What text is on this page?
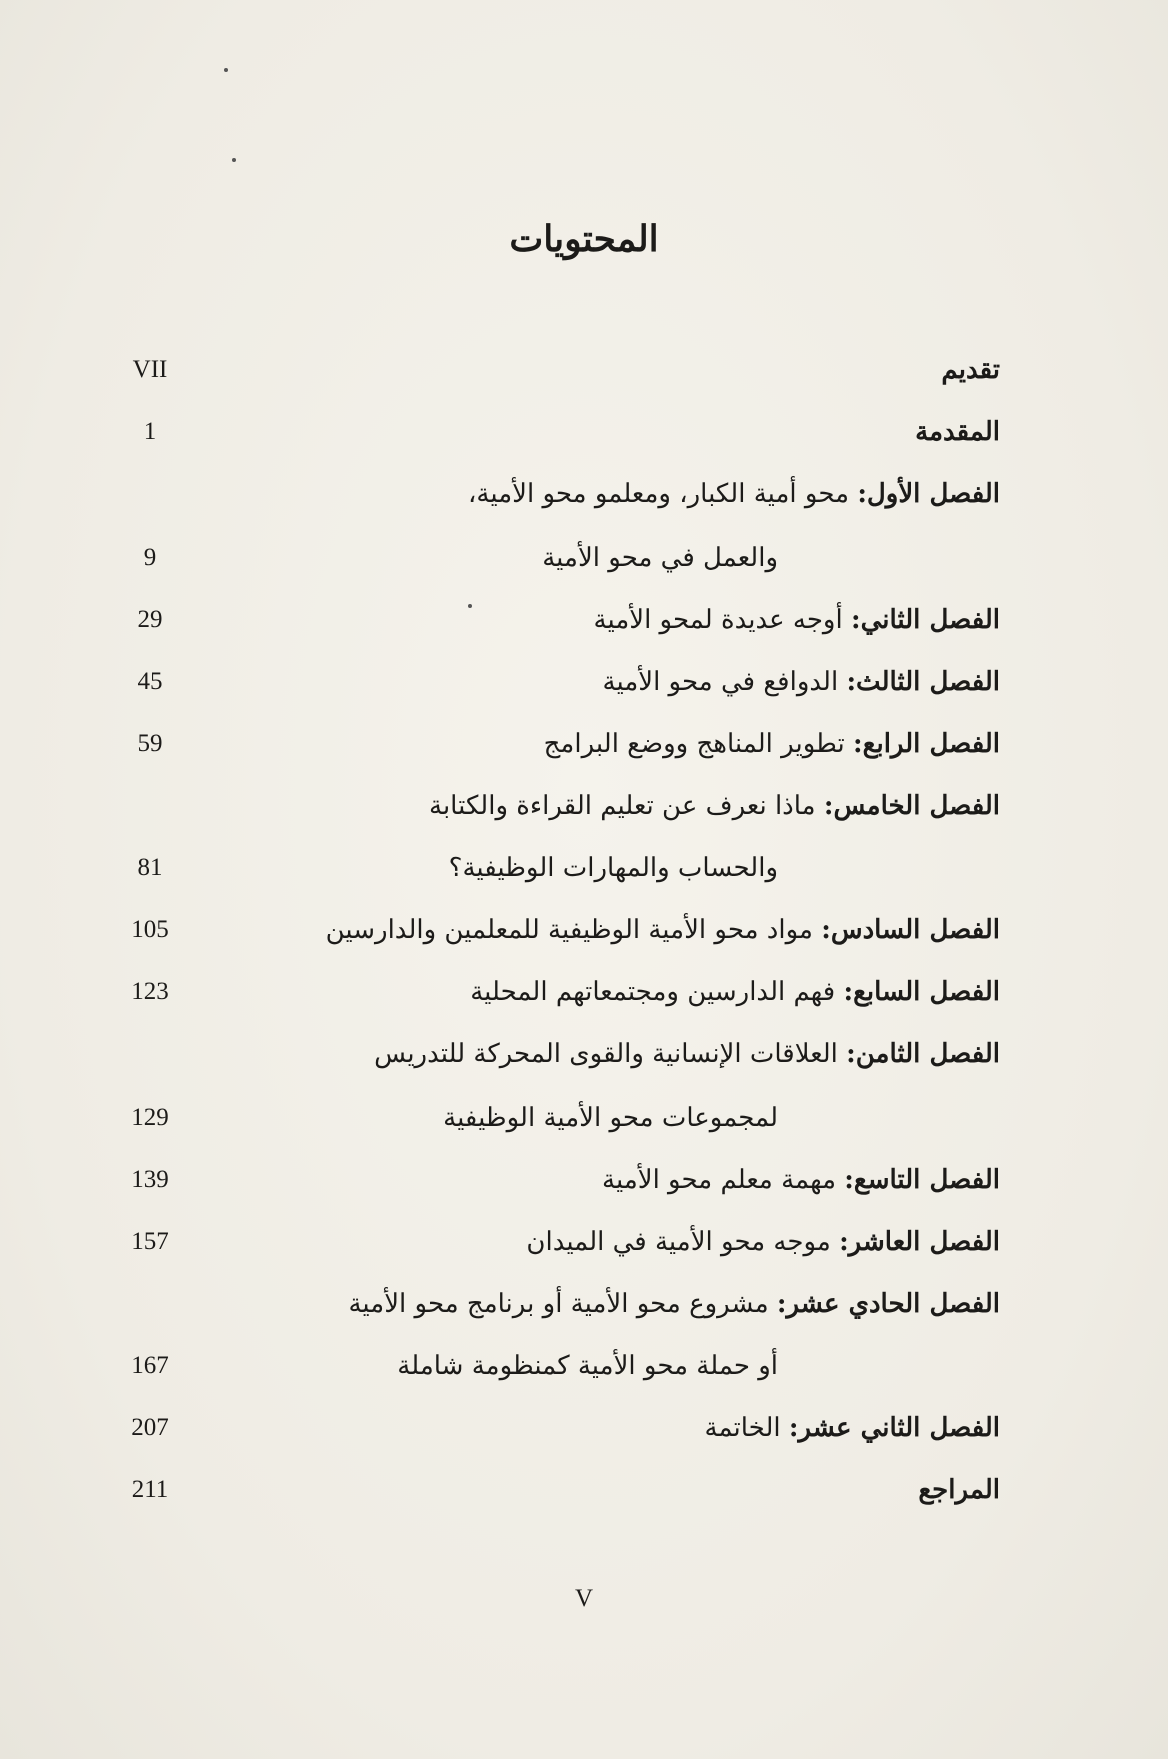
المحتويات
تقديم
VII
المقدمة
1
الفصل الأول: محو أمية الكبار، ومعلمو محو الأمية،
والعمل في محو الأمية
9
الفصل الثاني: أوجه عديدة لمحو الأمية
29
الفصل الثالث: الدوافع في محو الأمية
45
الفصل الرابع: تطوير المناهج ووضع البرامج
59
الفصل الخامس: ماذا نعرف عن تعليم القراءة والكتابة
والحساب والمهارات الوظيفية؟
81
الفصل السادس: مواد محو الأمية الوظيفية للمعلمين والدارسين
105
الفصل السابع: فهم الدارسين ومجتمعاتهم المحلية
123
الفصل الثامن: العلاقات الإنسانية والقوى المحركة للتدريس
لمجموعات محو الأمية الوظيفية
129
الفصل التاسع: مهمة معلم محو الأمية
139
الفصل العاشر: موجه محو الأمية في الميدان
157
الفصل الحادي عشر: مشروع محو الأمية أو برنامج محو الأمية
أو حملة محو الأمية كمنظومة شاملة
167
الفصل الثاني عشر: الخاتمة
207
المراجع
211
V
